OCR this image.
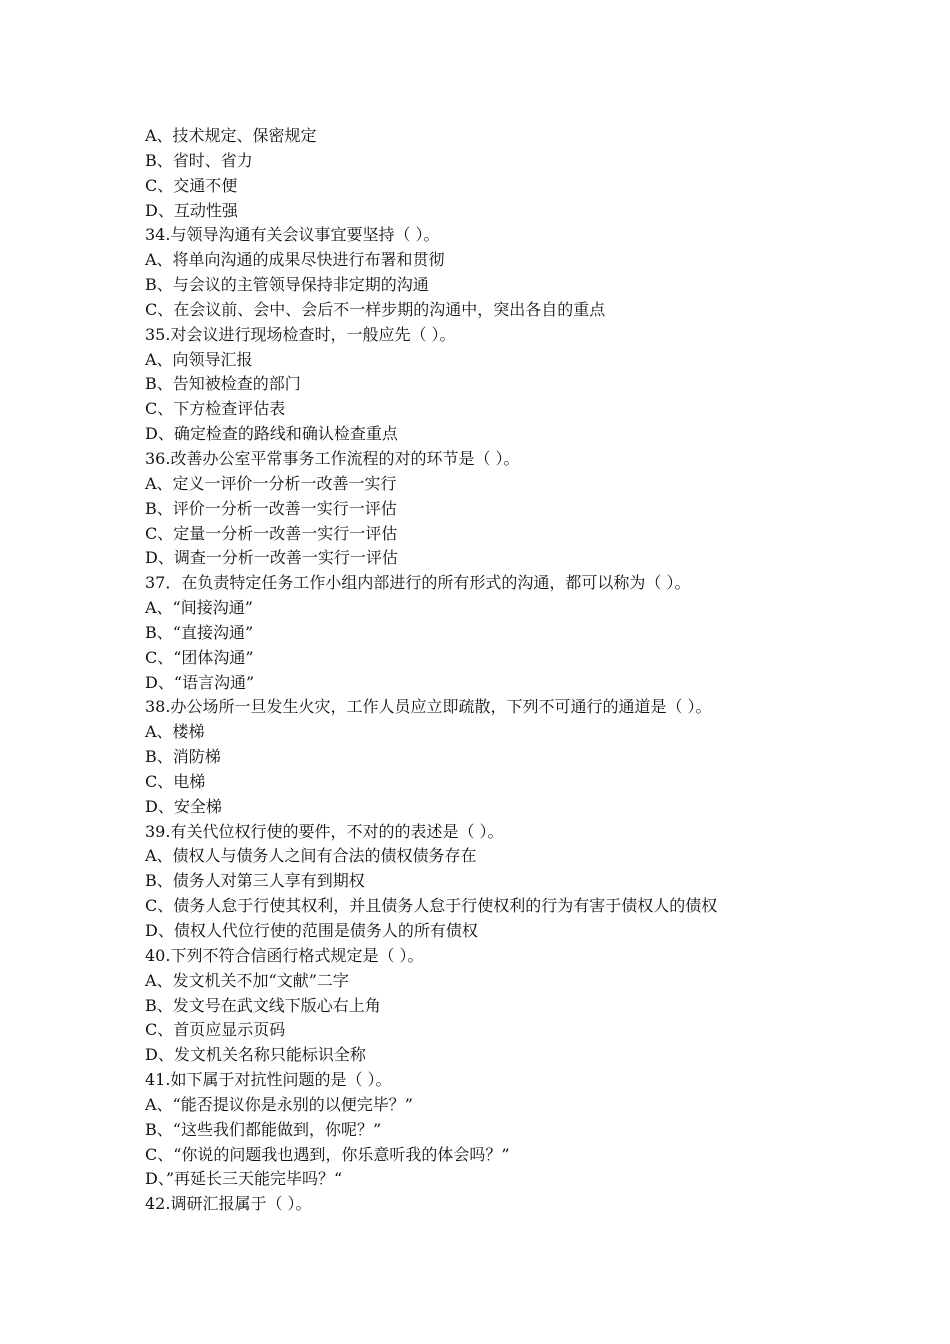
A、技术规定、保密规定
B、省时、省力
C、交通不便
D、互动性强
34.与领导沟通有关会议事宜要坚持（ ）。
A、将单向沟通的成果尽快进行布署和贯彻
B、与会议的主管领导保持非定期的沟通
C、在会议前、会中、会后不一样步期的沟通中，突出各自的重点
35.对会议进行现场检查时，一般应先（ ）。
A、向领导汇报
B、告知被检查的部门
C、下方检查评估表
D、确定检查的路线和确认检查重点
36.改善办公室平常事务工作流程的对的环节是（ ）。
A、定义一评价一分析一改善一实行
B、评价一分析一改善一实行一评估
C、定量一分析一改善一实行一评估
D、调查一分析一改善一实行一评估
37．在负责特定任务工作小组内部进行的所有形式的沟通，都可以称为（ ）。
A、“间接沟通”
B、“直接沟通”
C、“团体沟通”
D、“语言沟通”
38.办公场所一旦发生火灾，工作人员应立即疏散，下列不可通行的通道是（ ）。
A、楼梯
B、消防梯
C、电梯
D、安全梯
39.有关代位权行使的要件，不对的的表述是（ ）。
A、债权人与债务人之间有合法的债权债务存在
B、债务人对第三人享有到期权
C、债务人怠于行使其权利，并且债务人怠于行使权利的行为有害于债权人的债权
D、债权人代位行使的范围是债务人的所有债权
40.下列不符合信函行格式规定是（ ）。
A、发文机关不加“文献”二字
B、发文号在武文线下版心右上角
C、首页应显示页码
D、发文机关名称只能标识全称
41.如下属于对抗性问题的是（ ）。
A、“能否提议你是永别的以便完毕？”
B、“这些我们都能做到，你呢？”
C、“你说的问题我也遇到，你乐意听我的体会吗？”
D、”再延长三天能完毕吗？“
42.调研汇报属于（ ）。
